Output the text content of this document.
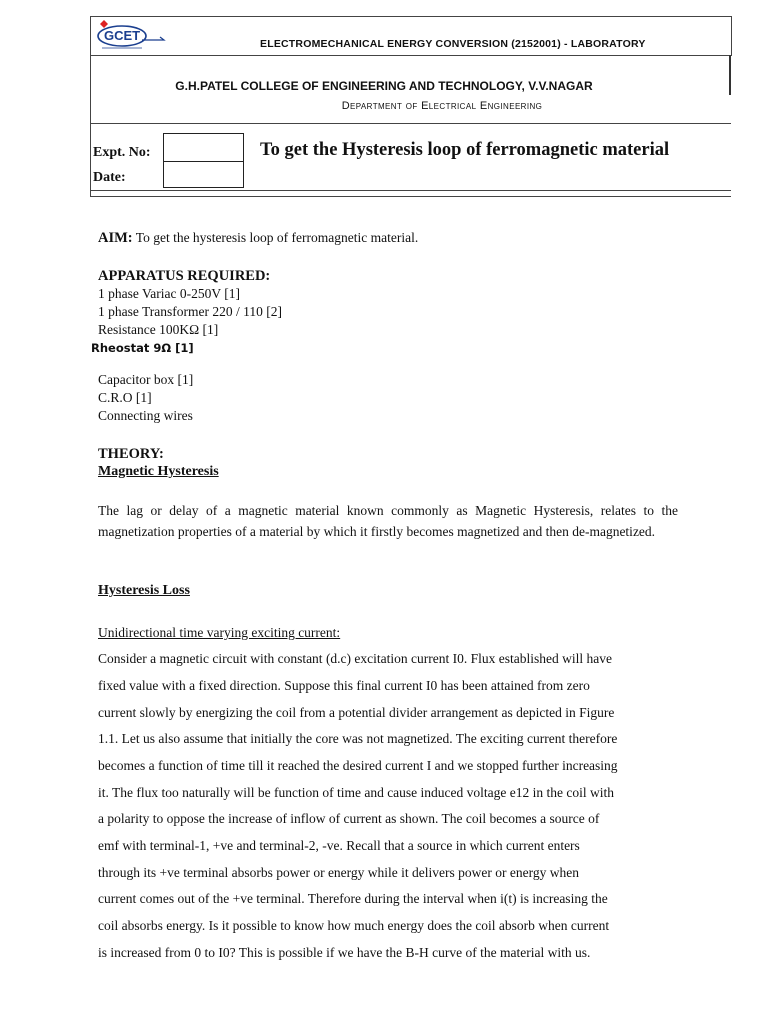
GCET
ELECTROMECHANICAL ENERGY CONVERSION (2152001) - LABORATORY
G.H.PATEL COLLEGE OF ENGINEERING AND TECHNOLOGY, V.V.NAGAR
Department of Electrical Engineering
Expt. No:
Date:
To get the Hysteresis loop of ferromagnetic material
AIM: To get the hysteresis loop of ferromagnetic material.
APPARATUS REQUIRED:
1 phase Variac 0-250V [1]
1 phase Transformer 220 / 110 [2]
Resistance 100KΩ [1]
Rheostat 9Ω [1]
Capacitor box [1]
C.R.O [1]
Connecting wires
THEORY:
Magnetic Hysteresis
The lag or delay of a magnetic material known commonly as Magnetic Hysteresis, relates to the magnetization properties of a material by which it firstly becomes magnetized and then de-magnetized.
Hysteresis Loss
Unidirectional time varying exciting current:
Consider a magnetic circuit with constant (d.c) excitation current I0. Flux established will have
fixed value with a fixed direction. Suppose this final current I0 has been attained from zero
current slowly by energizing the coil from a potential divider arrangement as depicted in Figure
1.1. Let us also assume that initially the core was not magnetized. The exciting current therefore
becomes a function of time till it reached the desired current I and we stopped further increasing
it. The flux too naturally will be function of time and cause induced voltage e12 in the coil with
a polarity to oppose the increase of inflow of current as shown. The coil becomes a source of
emf with terminal-1, +ve and terminal-2, -ve. Recall that a source in which current enters
through its +ve terminal absorbs power or energy while it delivers power or energy when
current comes out of the +ve terminal. Therefore during the interval when i(t) is increasing the
coil absorbs energy. Is it possible to know how much energy does the coil absorb when current
is increased from 0 to I0? This is possible if we have the B-H curve of the material with us.
